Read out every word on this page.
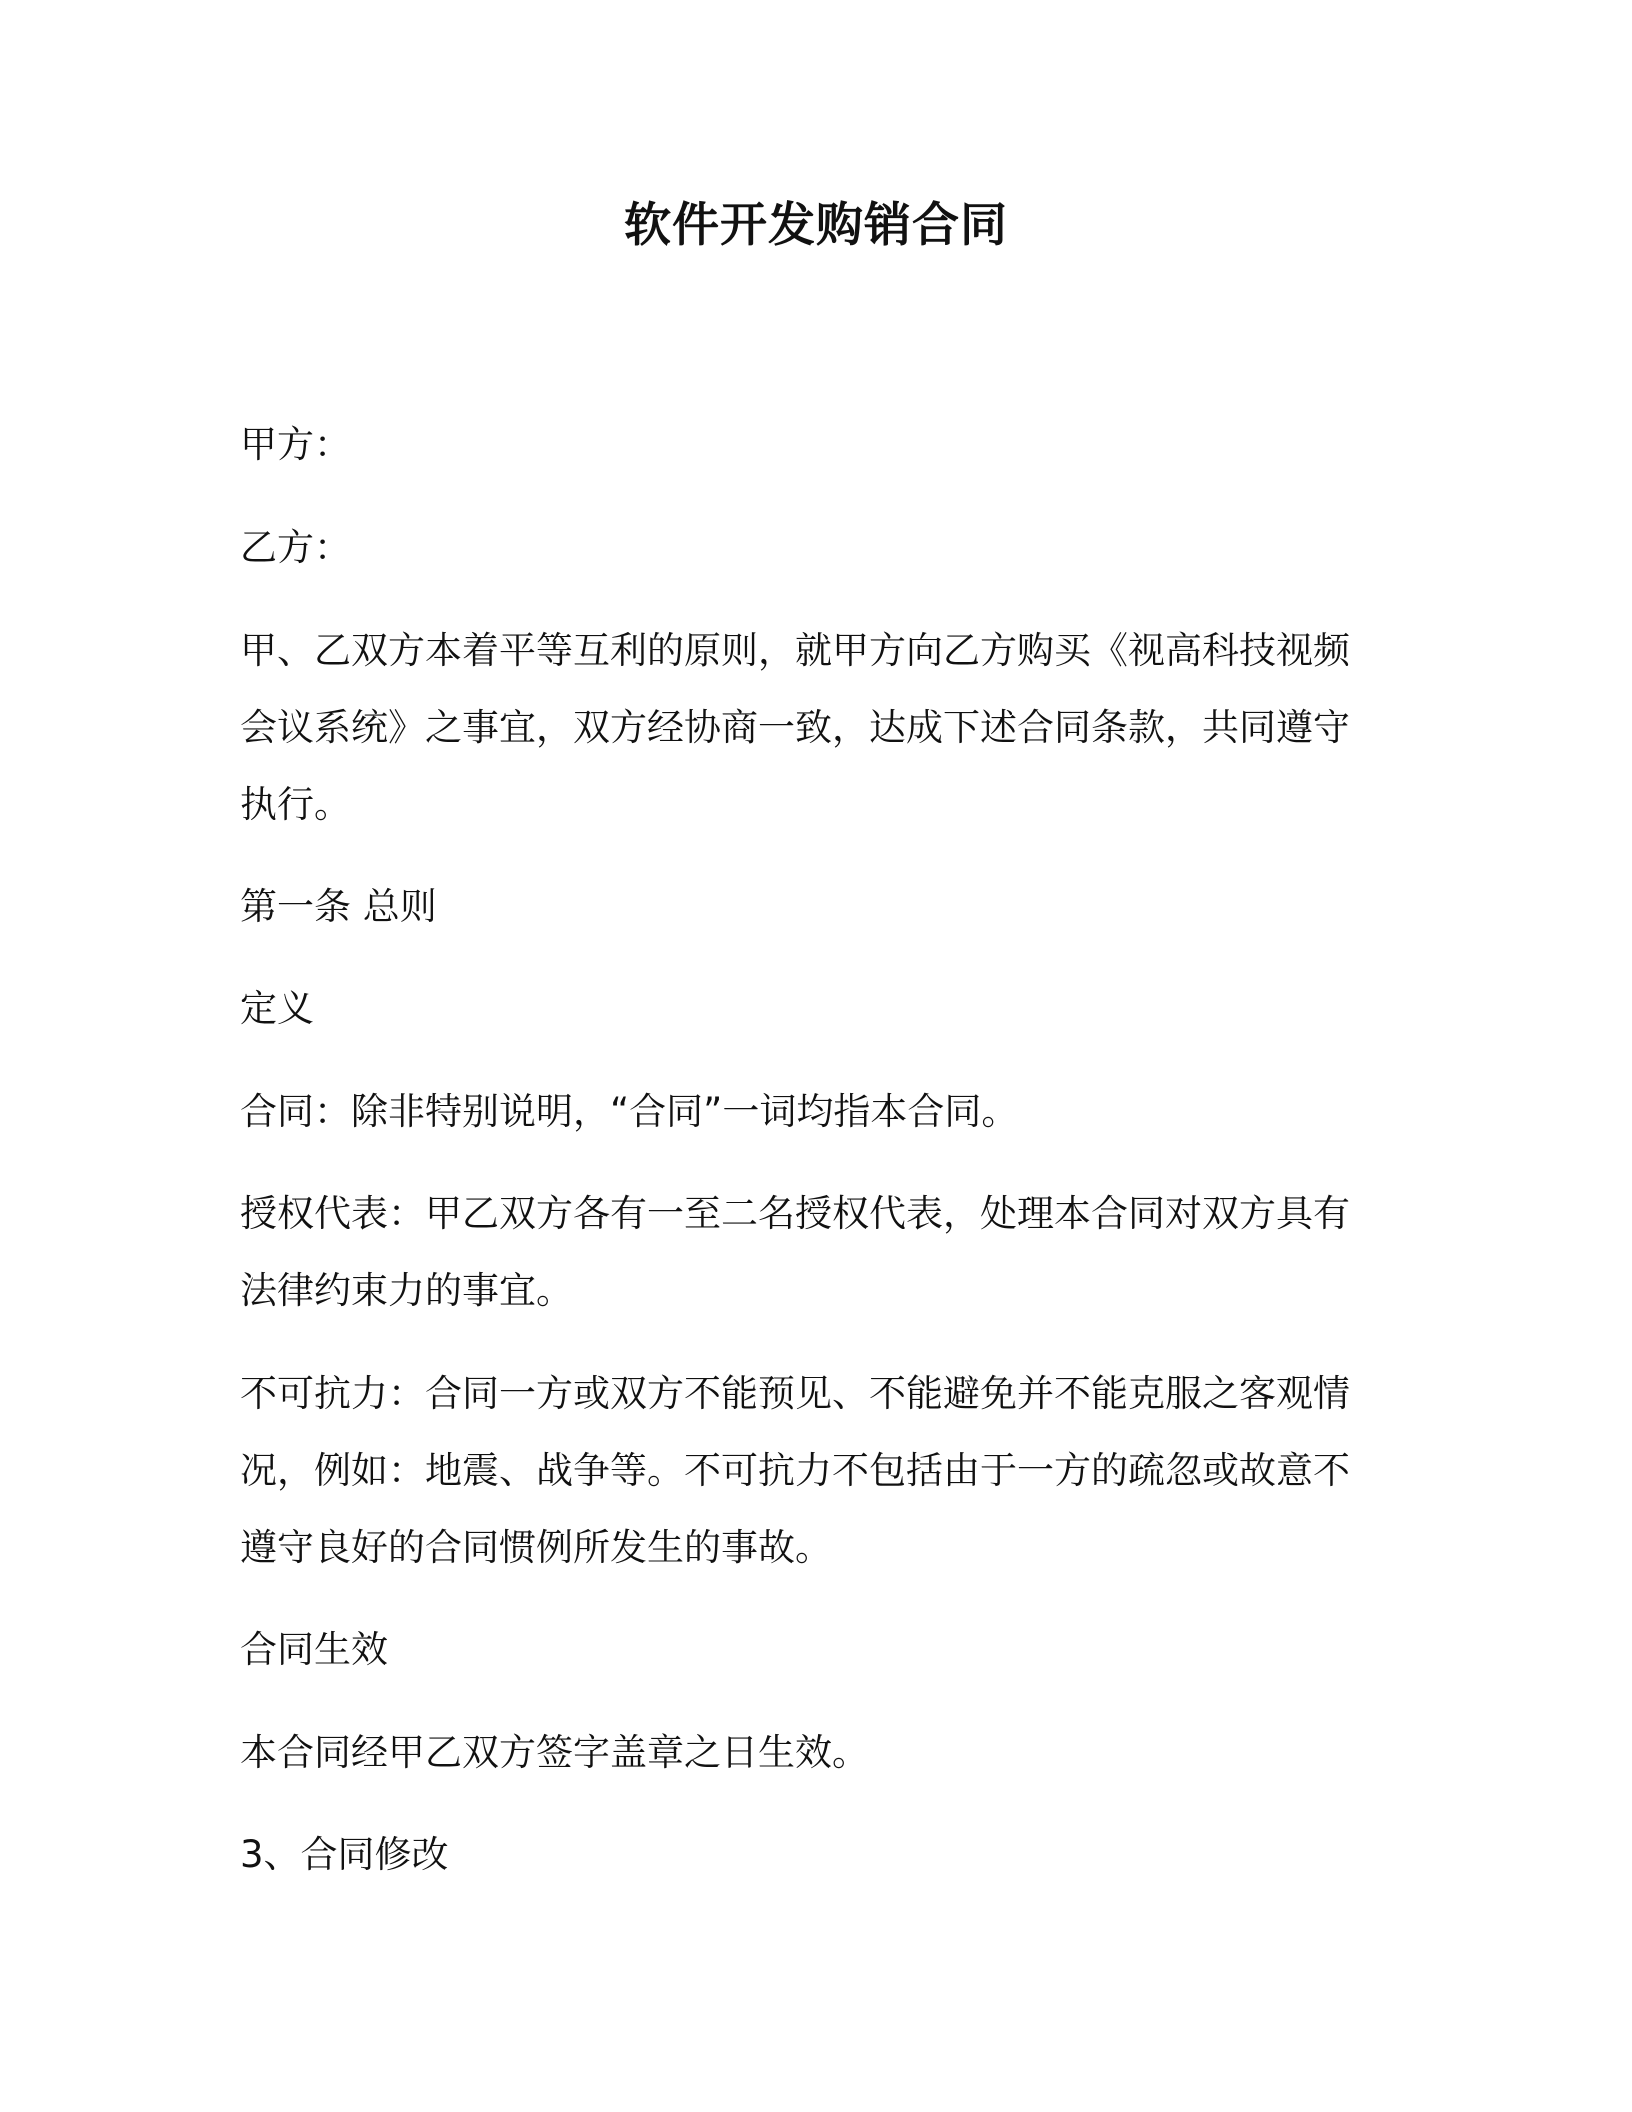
软件开发购销合同

甲方：

乙方：

甲、乙双方本着平等互利的原则，就甲方向乙方购买《视高科技视频
会议系统》之事宜，双方经协商一致，达成下述合同条款，共同遵守
执行。

第一条 总则

定义

合同：除非特别说明，“合同”一词均指本合同。

授权代表：甲乙双方各有一至二名授权代表，处理本合同对双方具有
法律约束力的事宜。

不可抗力：合同一方或双方不能预见、不能避免并不能克服之客观情
况，例如：地震、战争等。不可抗力不包括由于一方的疏忽或故意不
遵守良好的合同惯例所发生的事故。

合同生效

本合同经甲乙双方签字盖章之日生效。

3、合同修改
